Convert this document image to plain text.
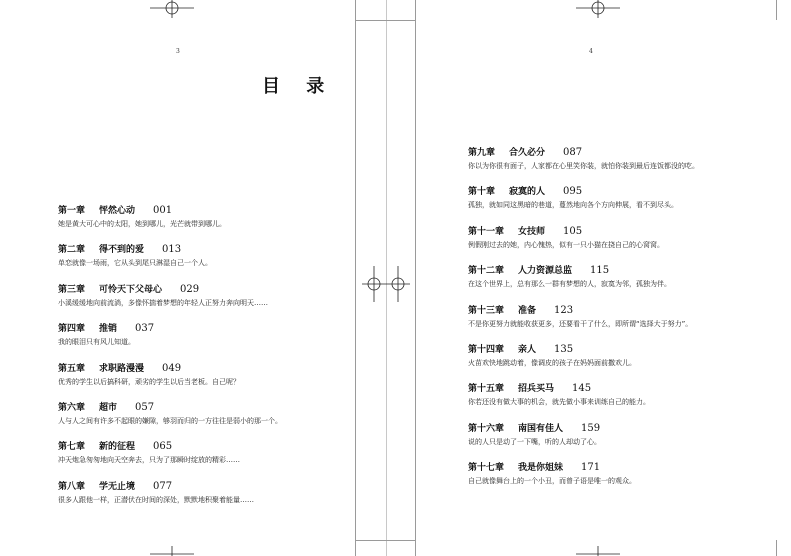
3
目 录
第一章 怦然心动 001
她是黄大可心中的太阳，她到哪儿，光芒就带到哪儿。
第二章 得不到的爱 013
单恋就像一场雨，它从头到尾只淋湿自己一个人。
第三章 可怜天下父母心 029
小溪缓缓地向前流淌，多像怀揣着梦想的年轻人正努力奔向明天……
第四章 推销 037
我的眼泪只有风儿知道。
第五章 求职路漫漫 049
优秀的学生以后搞科研，顽劣的学生以后当老板。自己呢？
第六章 超市 057
人与人之间有许多不起眼的嫌隙，够羽而归的一方往往是弱小的那一个。
第七章 新的征程 065
冲天炮急匆匆地向天空奔去，只为了那瞬时绽放的精彩……
第八章 学无止境 077
很多人跟他一样，正潜伏在时间的深处，默默地积聚着能量……
4
第九章 合久必分 087
你以为你很有面子，人家都在心里笑你装，就怕你装到最后连饭都没的吃。
第十章 寂寞的人 095
孤独，就如同这黑暗的巷道，蔓然地向各个方向伸展，看不到尽头。
第十一章 女技师 105
例假刚过去的她，内心愧热，似有一只小猫在挠自己的心窝窝。
第十二章 人力资源总监 115
在这个世界上，总有那么一群有梦想的人，寂寞为邻，孤独为伴。
第十三章 准备 123
不是你更努力就能收获更多，还要看干了什么，即所谓“选择大于努力”。
第十四章 亲人 135
火苗欢快地跳动着，像调皮的孩子在妈妈面前撒欢儿。
第十五章 招兵买马 145
你若还没有做大事的机会，就先做小事来训练自己的能力。
第十六章 南国有佳人 159
说的人只是动了一下嘴，听的人却动了心。
第十七章 我是你姐妹 171
自己就像舞台上的一个小丑，而曾子语是唯一的观众。
